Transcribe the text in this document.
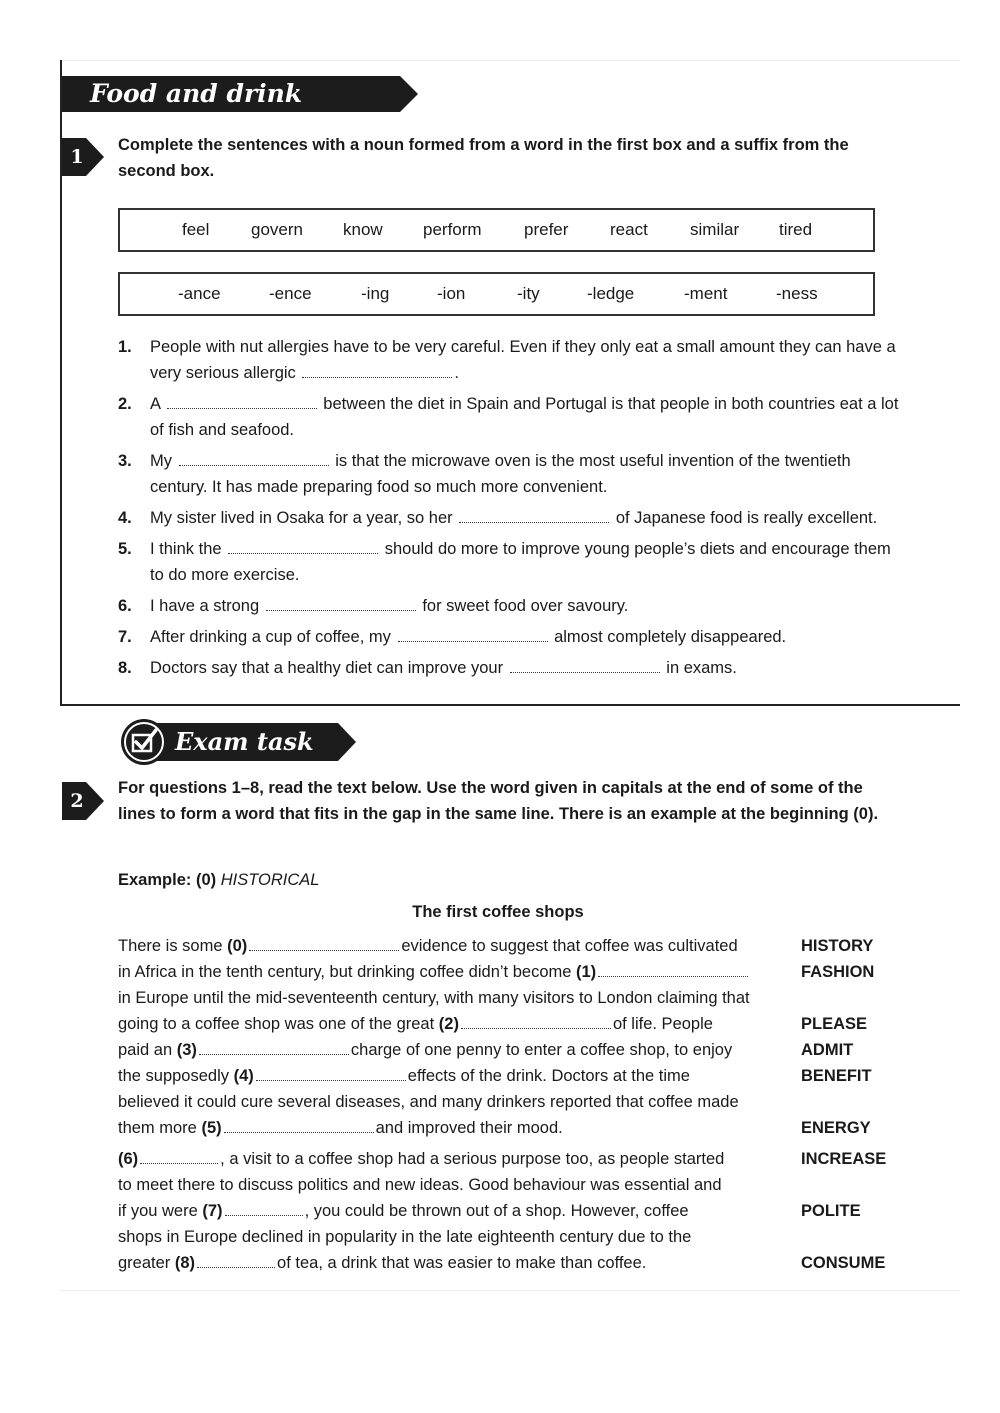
Food and drink
1
Complete the sentences with a noun formed from a word in the first box and a suffix from the second box.
feel govern know perform prefer react similar tired
-ance	-ence	-ing	-ion	-ity	-ledge	-ment	-ness
1. People with nut allergies have to be very careful. Even if they only eat a small amount they can have a very serious allergic	.
2. A	between the diet in Spain and Portugal is that people in both countries eat a lot of fish and seafood.
3. My	is that the microwave oven is the most useful invention of the twentieth century. It has made preparing food so much more convenient.
4. My sister lived in Osaka for a year, so her	of Japanese food is really excellent.
5. I think the	should do more to improve young people’s diets and encourage them to do more exercise.
6. I have a strong	for sweet food over savoury.
7. After drinking a cup of coffee, my	almost completely disappeared.
8. Doctors say that a healthy diet can improve your	in exams.
Exam task
2
For questions 1–8, read the text below. Use the word given in capitals at the end of some of the lines to form a word that fits in the gap in the same line. There is an example at the beginning (0).
Example: (0) HISTORICAL
The first coffee shops
There is some (0)	evidence to suggest that coffee was cultivated	HISTORY
in Africa in the tenth century, but drinking coffee didn’t become (1)	FASHION
in Europe until the mid-seventeenth century, with many visitors to London claiming that
going to a coffee shop was one of the great (2)	of life. People	PLEASE
paid an (3)	charge of one penny to enter a coffee shop, to enjoy	ADMIT
the supposedly (4)	effects of the drink. Doctors at the time	BENEFIT
believed it could cure several diseases, and many drinkers reported that coffee made
them more (5)	and improved their mood.	ENERGY
(6)	, a visit to a coffee shop had a serious purpose too, as people started	INCREASE
to meet there to discuss politics and new ideas. Good behaviour was essential and
if you were (7)	, you could be thrown out of a shop. However, coffee	POLITE
shops in Europe declined in popularity in the late eighteenth century due to the
greater (8)	of tea, a drink that was easier to make than coffee.	CONSUME
